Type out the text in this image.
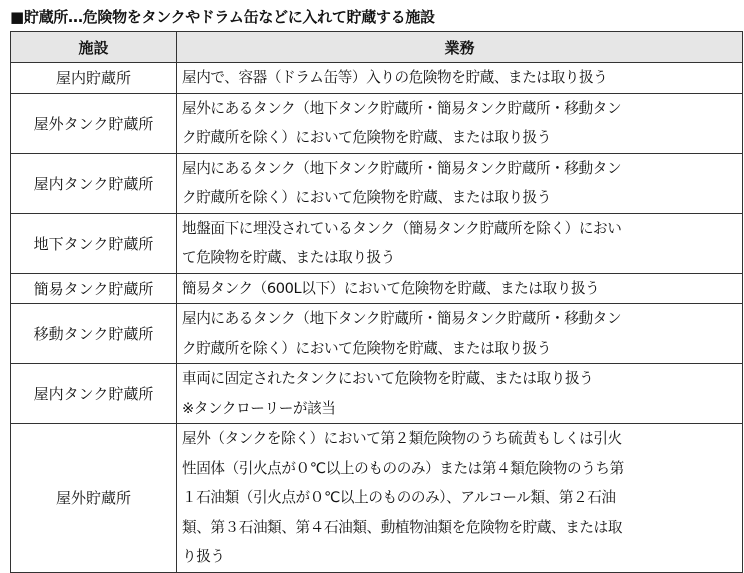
■貯蔵所…危険物をタンクやドラム缶などに入れて貯蔵する施設
施設	業務
屋内貯蔵所	屋内で、容器（ドラム缶等）入りの危険物を貯蔵、または取り扱う

屋外タンク貯蔵所	屋外にあるタンク（地下タンク貯蔵所・簡易タンク貯蔵所・移動タン
ク貯蔵所を除く）において危険物を貯蔵、または取り扱う

屋内タンク貯蔵所	屋内にあるタンク（地下タンク貯蔵所・簡易タンク貯蔵所・移動タン
ク貯蔵所を除く）において危険物を貯蔵、または取り扱う

地下タンク貯蔵所	地盤面下に埋没されているタンク（簡易タンク貯蔵所を除く）におい
て危険物を貯蔵、または取り扱う

簡易タンク貯蔵所	簡易タンク（600L以下）において危険物を貯蔵、または取り扱う

移動タンク貯蔵所	屋内にあるタンク（地下タンク貯蔵所・簡易タンク貯蔵所・移動タン
ク貯蔵所を除く）において危険物を貯蔵、または取り扱う

屋内タンク貯蔵所	車両に固定されたタンクにおいて危険物を貯蔵、または取り扱う
※タンクローリーが該当

屋外貯蔵所	屋外（タンクを除く）において第２類危険物のうち硫黄もしくは引火
性固体（引火点が０℃以上のもののみ）または第４類危険物のうち第
１石油類（引火点が０℃以上のもののみ）、アルコール類、第２石油
類、第３石油類、第４石油類、動植物油類を危険物を貯蔵、または取
り扱う
